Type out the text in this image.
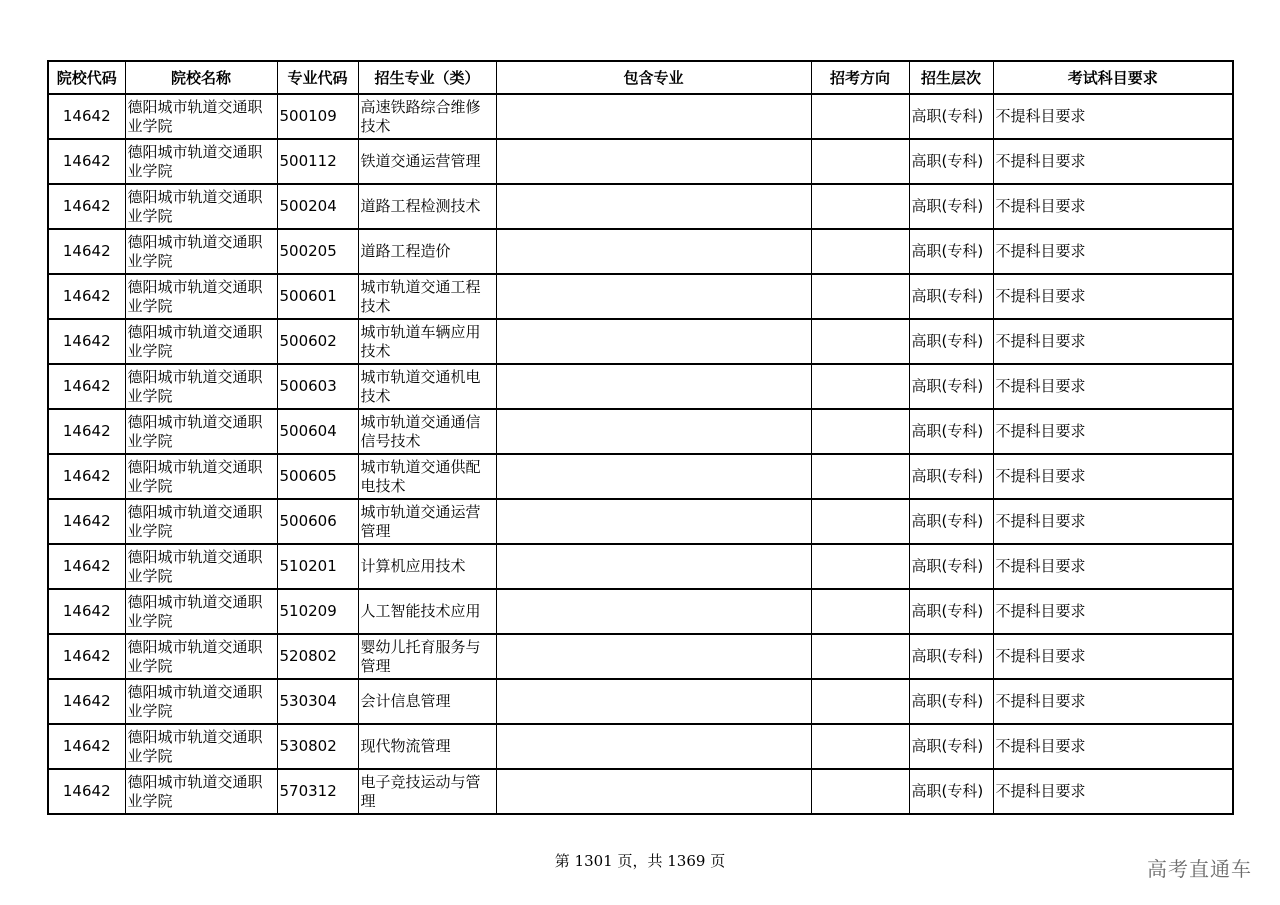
院校代码	院校名称	专业代码	招生专业（类）	包含专业	招考方向	招生层次	考试科目要求
14642	德阳城市轨道交通职业学院	500109	高速铁路综合维修技术			高职(专科)	不提科目要求
14642	德阳城市轨道交通职业学院	500112	铁道交通运营管理			高职(专科)	不提科目要求
14642	德阳城市轨道交通职业学院	500204	道路工程检测技术			高职(专科)	不提科目要求
14642	德阳城市轨道交通职业学院	500205	道路工程造价			高职(专科)	不提科目要求
14642	德阳城市轨道交通职业学院	500601	城市轨道交通工程技术			高职(专科)	不提科目要求
14642	德阳城市轨道交通职业学院	500602	城市轨道车辆应用技术			高职(专科)	不提科目要求
14642	德阳城市轨道交通职业学院	500603	城市轨道交通机电技术			高职(专科)	不提科目要求
14642	德阳城市轨道交通职业学院	500604	城市轨道交通通信信号技术			高职(专科)	不提科目要求
14642	德阳城市轨道交通职业学院	500605	城市轨道交通供配电技术			高职(专科)	不提科目要求
14642	德阳城市轨道交通职业学院	500606	城市轨道交通运营管理			高职(专科)	不提科目要求
14642	德阳城市轨道交通职业学院	510201	计算机应用技术			高职(专科)	不提科目要求
14642	德阳城市轨道交通职业学院	510209	人工智能技术应用			高职(专科)	不提科目要求
14642	德阳城市轨道交通职业学院	520802	婴幼儿托育服务与管理			高职(专科)	不提科目要求
14642	德阳城市轨道交通职业学院	530304	会计信息管理			高职(专科)	不提科目要求
14642	德阳城市轨道交通职业学院	530802	现代物流管理			高职(专科)	不提科目要求
14642	德阳城市轨道交通职业学院	570312	电子竞技运动与管理			高职(专科)	不提科目要求
第 1301 页，共 1369 页	高考直通车
